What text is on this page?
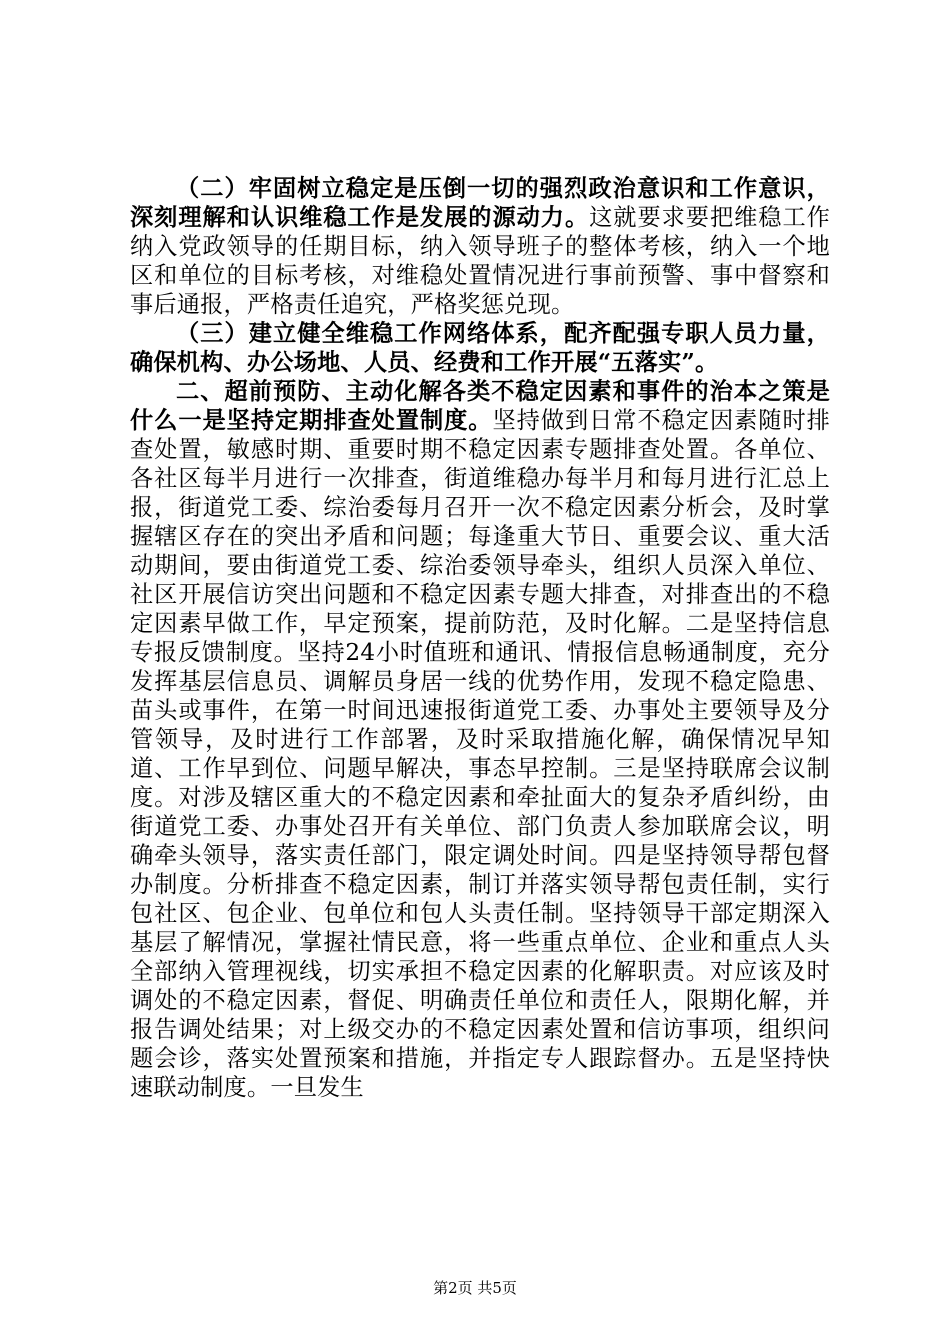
（二）牢固树立稳定是压倒一切的强烈政治意识和工作意识，深刻理解和认识维稳工作是发展的源动力。这就要求要把维稳工作纳入党政领导的任期目标，纳入领导班子的整体考核，纳入一个地区和单位的目标考核，对维稳处置情况进行事前预警、事中督察和事后通报，严格责任追究，严格奖惩兑现。

（三）建立健全维稳工作网络体系，配齐配强专职人员力量，确保机构、办公场地、人员、经费和工作开展“五落实”。

二、超前预防、主动化解各类不稳定因素和事件的治本之策是什么一是坚持定期排查处置制度。坚持做到日常不稳定因素随时排查处置，敏感时期、重要时期不稳定因素专题排查处置。各单位、各社区每半月进行一次排查，街道维稳办每半月和每月进行汇总上报，街道党工委、综治委每月召开一次不稳定因素分析会，及时掌握辖区存在的突出矛盾和问题；每逢重大节日、重要会议、重大活动期间，要由街道党工委、综治委领导牵头，组织人员深入单位、社区开展信访突出问题和不稳定因素专题大排查，对排查出的不稳定因素早做工作，早定预案，提前防范，及时化解。二是坚持信息专报反馈制度。坚持24小时值班和通讯、情报信息畅通制度，充分发挥基层信息员、调解员身居一线的优势作用，发现不稳定隐患、苗头或事件，在第一时间迅速报街道党工委、办事处主要领导及分管领导，及时进行工作部署，及时采取措施化解，确保情况早知道、工作早到位、问题早解决，事态早控制。三是坚持联席会议制度。对涉及辖区重大的不稳定因素和牵扯面大的复杂矛盾纠纷，由街道党工委、办事处召开有关单位、部门负责人参加联席会议，明确牵头领导，落实责任部门，限定调处时间。四是坚持领导帮包督办制度。分析排查不稳定因素，制订并落实领导帮包责任制，实行包社区、包企业、包单位和包人头责任制。坚持领导干部定期深入基层了解情况，掌握社情民意，将一些重点单位、企业和重点人头全部纳入管理视线，切实承担不稳定因素的化解职责。对应该及时调处的不稳定因素，督促、明确责任单位和责任人，限期化解，并报告调处结果；对上级交办的不稳定因素处置和信访事项，组织问题会诊，落实处置预案和措施，并指定专人跟踪督办。五是坚持快速联动制度。一旦发生

第2页 共5页
